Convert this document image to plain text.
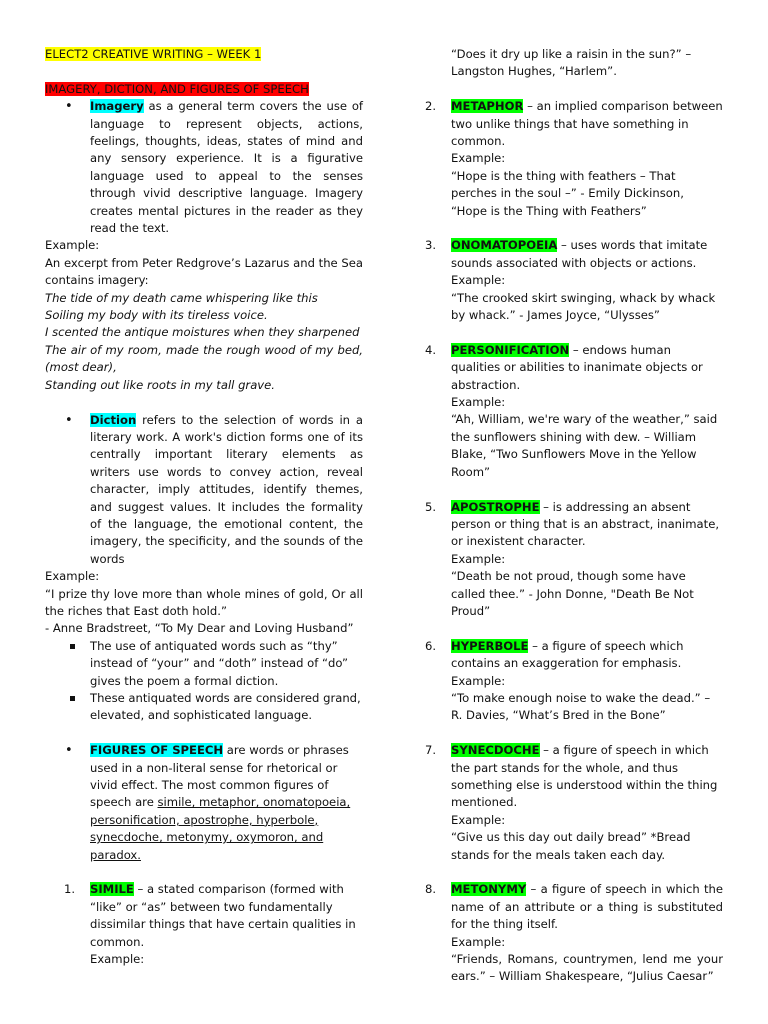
ELECT2 CREATIVE WRITING – WEEK 1

IMAGERY, DICTION, AND FIGURES OF SPEECH

• Imagery as a general term covers the use of language to represent objects, actions, feelings, thoughts, ideas, states of mind and any sensory experience. It is a figurative language used to appeal to the senses through vivid descriptive language. Imagery creates mental pictures in the reader as they read the text.

Example:

An excerpt from Peter Redgrove’s Lazarus and the Sea contains imagery:

The tide of my death came whispering like this

Soiling my body with its tireless voice.

I scented the antique moistures when they sharpened

The air of my room, made the rough wood of my bed, (most dear),

Standing out like roots in my tall grave.

• Diction refers to the selection of words in a literary work. A work's diction forms one of its centrally important literary elements as writers use words to convey action, reveal character, imply attitudes, identify themes, and suggest values. It includes the formality of the language, the emotional content, the imagery, the specificity, and the sounds of the words

Example:

“I prize thy love more than whole mines of gold, Or all the riches that East doth hold.”

- Anne Bradstreet, “To My Dear and Loving Husband”

The use of antiquated words such as “thy” instead of “your” and “doth” instead of “do” gives the poem a formal diction.

These antiquated words are considered grand, elevated, and sophisticated language.

• FIGURES OF SPEECH are words or phrases used in a non-literal sense for rhetorical or vivid effect. The most common figures of speech are simile, metaphor, onomatopoeia, personification, apostrophe, hyperbole, synecdoche, metonymy, oxymoron, and paradox.

1. SIMILE – a stated comparison (formed with “like” or “as” between two fundamentally dissimilar things that have certain qualities in common.

Example:

“Does it dry up like a raisin in the sun?” – Langston Hughes, “Harlem”.

2. METAPHOR – an implied comparison between two unlike things that have something in common.

Example:

“Hope is the thing with feathers – That perches in the soul –” - Emily Dickinson, “Hope is the Thing with Feathers”

3. ONOMATOPOEIA – uses words that imitate sounds associated with objects or actions.

Example:

“The crooked skirt swinging, whack by whack by whack.” - James Joyce, “Ulysses”

4. PERSONIFICATION – endows human qualities or abilities to inanimate objects or abstraction.

Example:

“Ah, William, we're wary of the weather,” said the sunflowers shining with dew. – William Blake, “Two Sunflowers Move in the Yellow Room”

5. APOSTROPHE – is addressing an absent person or thing that is an abstract, inanimate, or inexistent character.

Example:

“Death be not proud, though some have called thee.” - John Donne, "Death Be Not Proud”

6. HYPERBOLE – a figure of speech which contains an exaggeration for emphasis.

Example:

“To make enough noise to wake the dead.” – R. Davies, “What’s Bred in the Bone”

7. SYNECDOCHE – a figure of speech in which the part stands for the whole, and thus something else is understood within the thing mentioned.

Example:

“Give us this day out daily bread” *Bread stands for the meals taken each day.

8. METONYMY – a figure of speech in which the name of an attribute or a thing is substituted for the thing itself.

Example:

“Friends, Romans, countrymen, lend me your ears.” – William Shakespeare, “Julius Caesar”
